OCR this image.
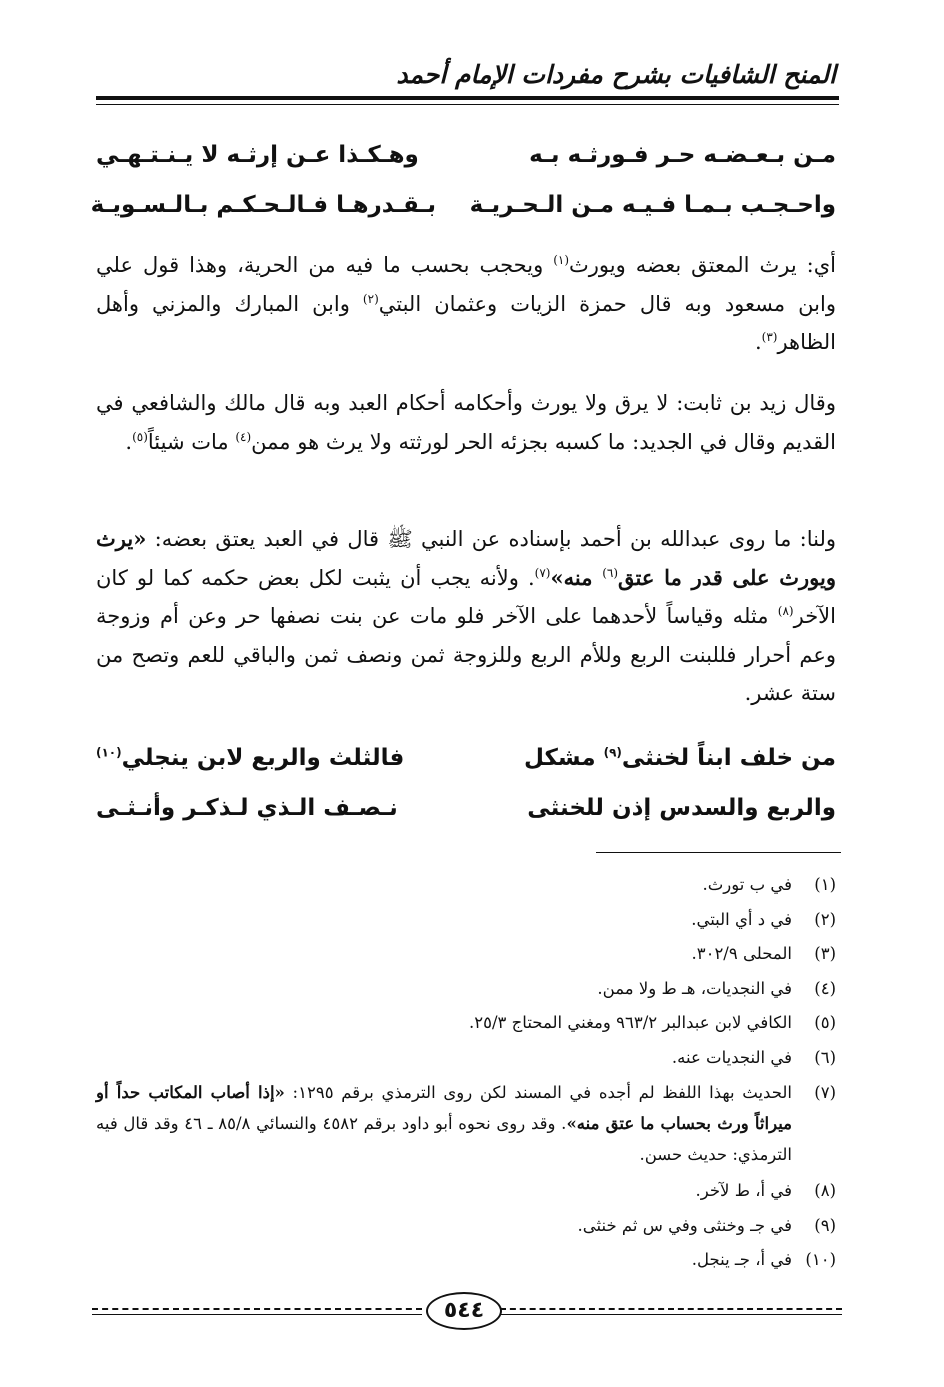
المنح الشافيات بشرح مفردات الإمام أحمد
مـن بـعـضـه حـر فـورثـه بـه
وهـكـذا عـن إرثـه لا يـنـتـهـي
واحـجـب بـمـا فـيـه مـن الـحـريـة
بـقـدرهـا فـالـحـكـم بـالـسـويـة
أي: يرث المعتق بعضه ويورث$^{(١)}$ ويحجب بحسب ما فيه من الحرية، وهذا قول علي وابن مسعود وبه قال حمزة الزيات وعثمان البتي$^{(٢)}$ وابن المبارك والمزني وأهل الظاهر$^{(٣)}$.
وقال زيد بن ثابت: لا يرق ولا يورث وأحكامه أحكام العبد وبه قال مالك والشافعي في القديم وقال في الجديد: ما كسبه بجزئه الحر لورثته ولا يرث هو ممن$^{(٤)}$ مات شيئاً$^{(٥)}$.
ولنا: ما روى عبدالله بن أحمد بإسناده عن النبي ﷺ قال في العبد يعتق بعضه: «يرث ويورث على قدر ما عتق$^{(٦)}$ منه»$^{(٧)}$. ولأنه يجب أن يثبت لكل بعض حكمه كما لو كان الآخر$^{(٨)}$ مثله وقياساً لأحدهما على الآخر فلو مات عن بنت نصفها حر وعن أم وزوجة وعم أحرار فللبنت الربع وللأم الربع وللزوجة ثمن ونصف ثمن والباقي للعم وتصح من ستة عشر.
من خلف ابناً لخنثى$^{(٩)}$ مشكل
فالثلث والربع لابن ينجلي$^{(١٠)}$
والربع والسدس إذن للخنثى
نـصـف الـذي لـذكـر وأنـثـى
(١)في ب تورث.
(٢)في د أي البتي.
(٣)المحلى ٣٠٢/٩.
(٤)في النجديات، هـ ط ولا ممن.
(٥)الكافي لابن عبدالبر ٩٦٣/٢ ومغني المحتاج ٢٥/٣.
(٦)في النجديات عنه.
(٧)
الحديث بهذا اللفظ لم أجده في المسند لكن روى الترمذي برقم ١٢٩٥: «إذا أصاب المكاتب حداً أو ميراثاً ورث بحساب ما عتق منه». وقد روى نحوه أبو داود برقم ٤٥٨٢ والنسائي ٨٥/٨ ـ ٤٦ وقد قال فيه الترمذي: حديث حسن.
(٨)في أ، ط لآخر.
(٩)في جـ وخنثى وفي س ثم خنثى.
(١٠)في أ، جـ ينجل.
٥٤٤
